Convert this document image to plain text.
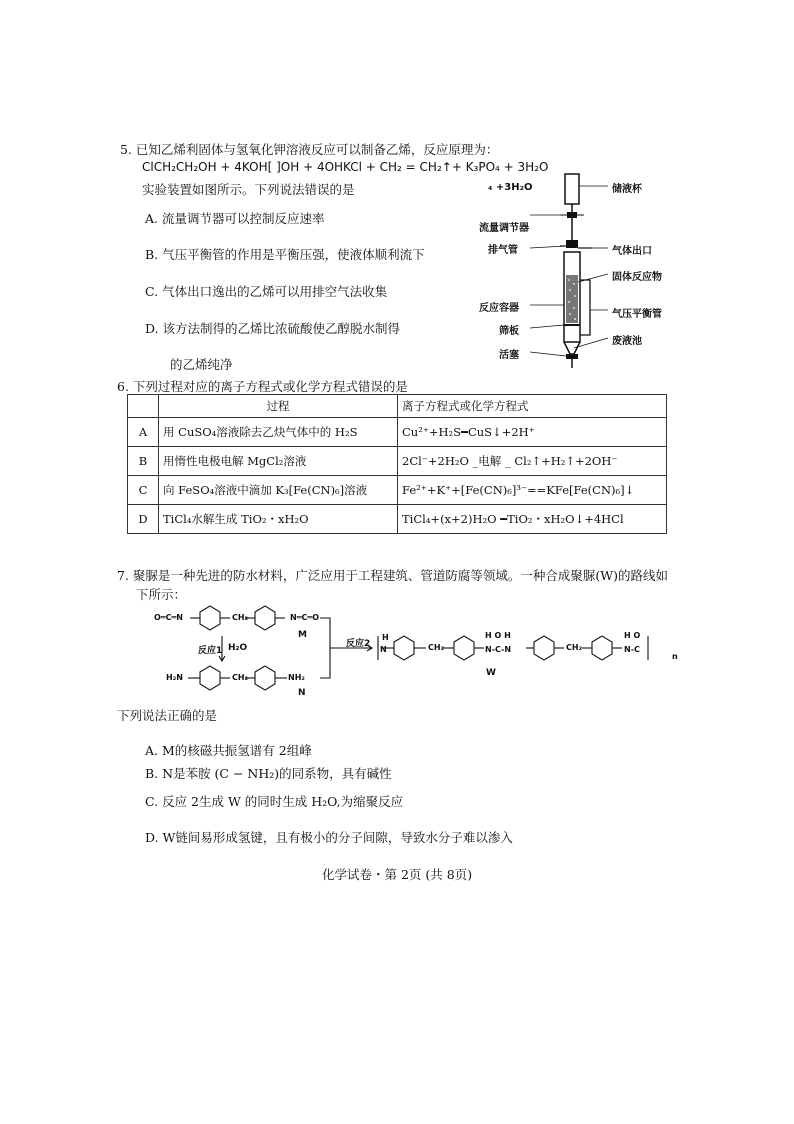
5. 已知乙烯利固体与氢氧化钾溶液反应可以制备乙烯，反应原理为：
ClCH₂CH₂OH + 4KOH[ ]OH + 4OHKCl + CH₂ = CH₂↑+ K₃PO₄ + 3H₂O
实验装置如图所示。下列说法错误的是
A. 流量调节器可以控制反应速率
B. 气压平衡管的作用是平衡压强，使液体顺利流下
C. 气体出口逸出的乙烯可以用排空气法收集
D. 该方法制得的乙烯比浓硫酸使乙醇脱水制得
的乙烯纯净
₄ +3H₂O	储液杯
气体出口
固体反应物
气压平衡管
废液池
流量调节器
排气管
反应容器
筛板
活塞
6. 下列过程对应的离子方程式或化学方程式错误的是
	过程	离子方程式或化学方程式
A	用 CuSO₄溶液除去乙炔气体中的 H₂S	Cu²⁺+H₂S━CuS↓+2H⁺
B	用惰性电极电解 MgCl₂溶液	2Cl⁻+2H₂O _电解 _ Cl₂↑+H₂↑+2OH⁻
C	向 FeSO₄溶液中滴加 K₃[Fe(CN)₆]溶液	Fe²⁺+K⁺+[Fe(CN)₆]³⁻==KFe[Fe(CN)₆]↓
D	TiCl₄水解生成 TiO₂・xH₂O	TiCl₄+(x+2)H₂O ━TiO₂・xH₂O↓+4HCl
7. 聚脲是一种先进的防水材料，广泛应用于工程建筑、管道防腐等领域。一种合成聚脲(W)的路线如
下所示：
H
N
H O H
N-C-N
H O
N-C
O═C═N	N═C═O
CH₂
M
反应1 H₂O
H₂N	CH₂	NH₂
N
反应2	CH₂	CH₂
n
W
下列说法正确的是
A. M的核磁共振氢谱有 2组峰
B. N是苯胺 (C − NH₂)的同系物，具有碱性
C. 反应 2生成 W 的同时生成 H₂O,为缩聚反应
D. W链间易形成氢键，且有极小的分子间隙，导致水分子难以渗入
化学试卷・第 2页 (共 8页)
